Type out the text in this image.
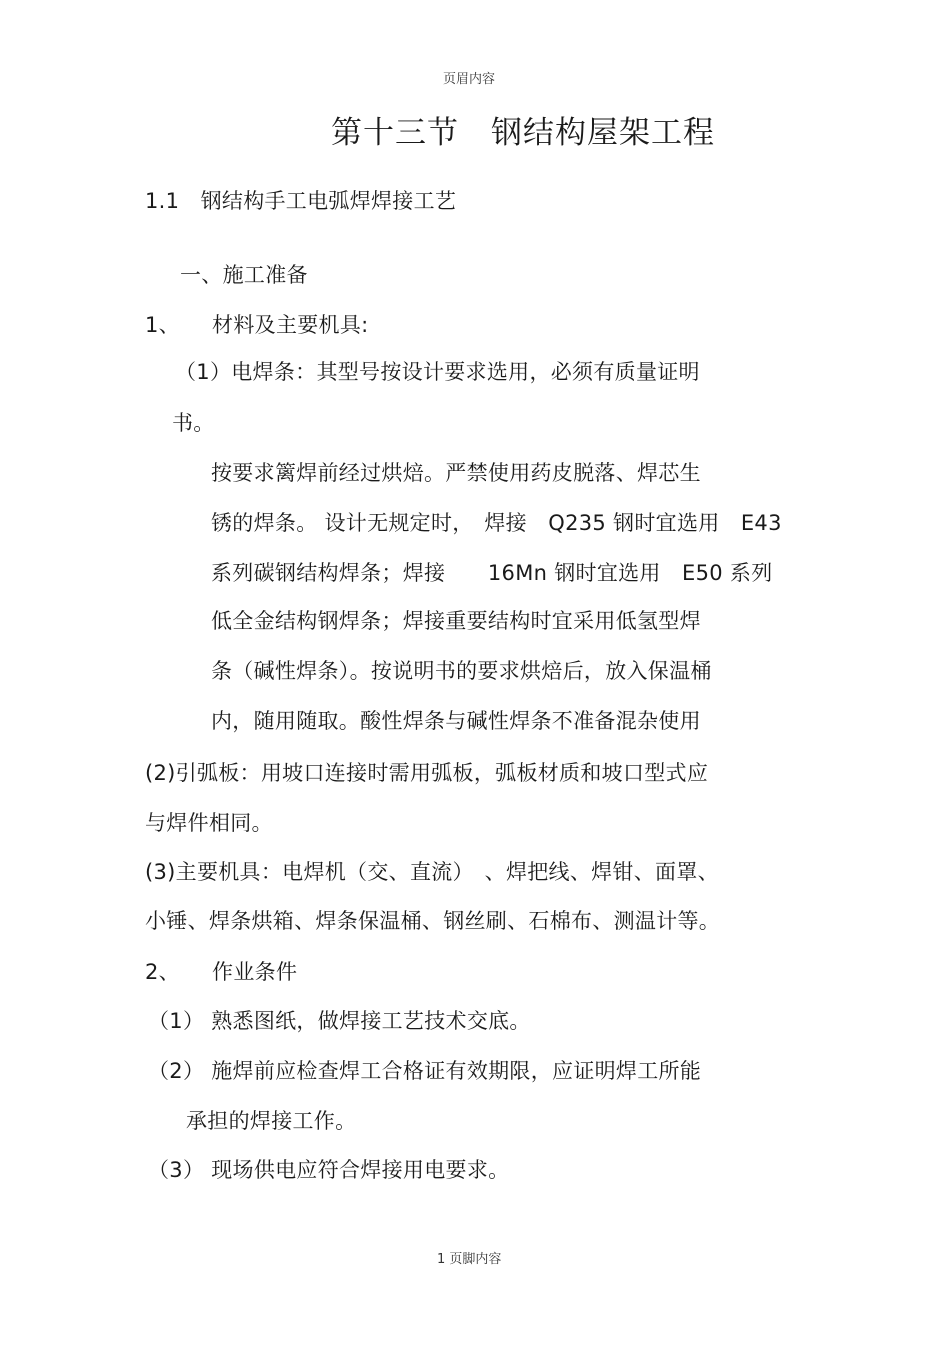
页眉内容
第十三节　钢结构屋架工程
1.1　钢结构手工电弧焊焊接工艺
一、施工准备
1、　　材料及主要机具:
（1）电焊条：其型号按设计要求选用，必须有质量证明
书。
按要求篱焊前经过烘焙。严禁使用药皮脱落、焊芯生
锈的焊条。 设计无规定时，　焊接　Q235 钢时宜选用　E43
系列碳钢结构焊条；焊接　　16Mn 钢时宜选用　E50 系列
低全金结构钢焊条；焊接重要结构时宜采用低氢型焊
条（碱性焊条）。按说明书的要求烘焙后，放入保温桶
内，随用随取。酸性焊条与碱性焊条不准备混杂使用
(2)引弧板：用坡口连接时需用弧板，弧板材质和坡口型式应
与焊件相同。
(3)主要机具：电焊机（交、直流）　、焊把线、焊钳、面罩、
小锤、焊条烘箱、焊条保温桶、钢丝刷、石棉布、测温计等。
2、　　作业条件
（1） 熟悉图纸，做焊接工艺技术交底。
（2） 施焊前应检查焊工合格证有效期限，应证明焊工所能
承担的焊接工作。
（3） 现场供电应符合焊接用电要求。
1 页脚内容
